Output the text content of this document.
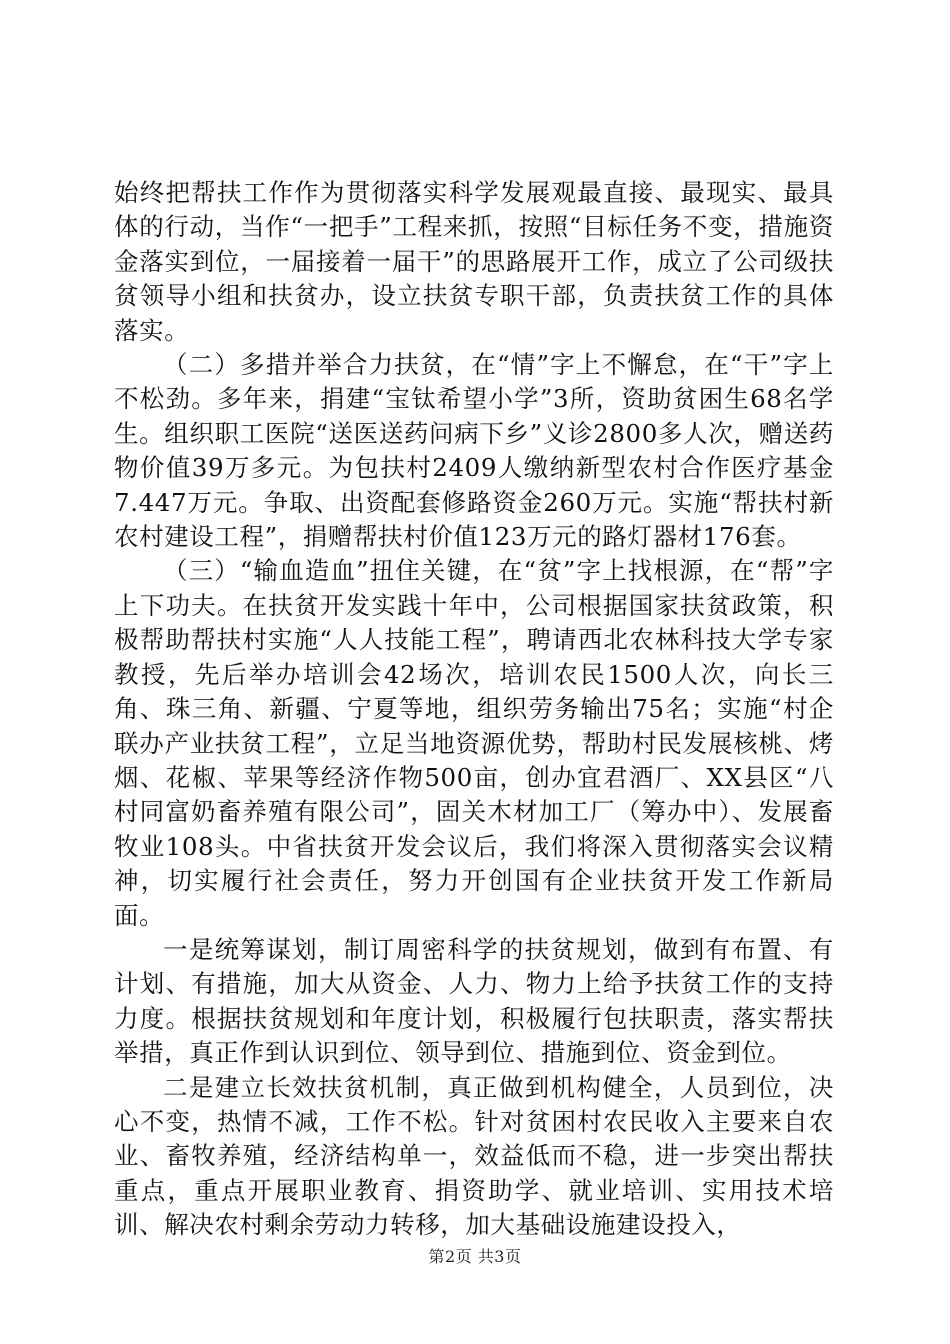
始终把帮扶工作作为贯彻落实科学发展观最直接、最现实、最具体的行动，当作“一把手”工程来抓，按照“目标任务不变，措施资金落实到位，一届接着一届干”的思路展开工作，成立了公司级扶贫领导小组和扶贫办，设立扶贫专职干部，负责扶贫工作的具体落实。

（二）多措并举合力扶贫，在“情”字上不懈怠，在“干”字上不松劲。多年来，捐建“宝钛希望小学”3所，资助贫困生68名学生。组织职工医院“送医送药问病下乡”义诊2800多人次，赠送药物价值39万多元。为包扶村2409人缴纳新型农村合作医疗基金7.447万元。争取、出资配套修路资金260万元。实施“帮扶村新农村建设工程”，捐赠帮扶村价值123万元的路灯器材176套。

（三）“输血造血”扭住关键，在“贫”字上找根源，在“帮”字上下功夫。在扶贫开发实践十年中，公司根据国家扶贫政策，积极帮助帮扶村实施“人人技能工程”，聘请西北农林科技大学专家教授，先后举办培训会42场次，培训农民1500人次，向长三角、珠三角、新疆、宁夏等地，组织劳务输出75名；实施“村企联办产业扶贫工程”，立足当地资源优势，帮助村民发展核桃、烤烟、花椒、苹果等经济作物500亩，创办宜君酒厂、XX县区“八村同富奶畜养殖有限公司”，固关木材加工厂（筹办中）、发展畜牧业108头。中省扶贫开发会议后，我们将深入贯彻落实会议精神，切实履行社会责任，努力开创国有企业扶贫开发工作新局面。

一是统筹谋划，制订周密科学的扶贫规划，做到有布置、有计划、有措施，加大从资金、人力、物力上给予扶贫工作的支持力度。根据扶贫规划和年度计划，积极履行包扶职责，落实帮扶举措，真正作到认识到位、领导到位、措施到位、资金到位。

二是建立长效扶贫机制，真正做到机构健全，人员到位，决心不变，热情不减，工作不松。针对贫困村农民收入主要来自农业、畜牧养殖，经济结构单一，效益低而不稳，进一步突出帮扶重点，重点开展职业教育、捐资助学、就业培训、实用技术培训、解决农村剩余劳动力转移，加大基础设施建设投入，

第2页 共3页
